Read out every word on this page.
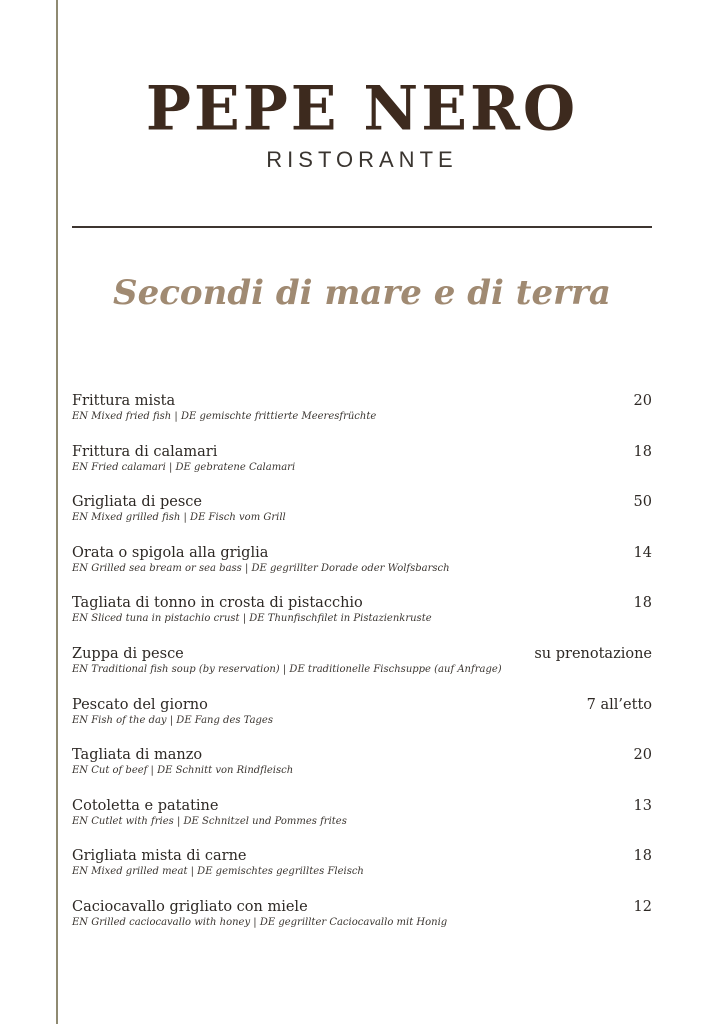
PEPE NERO
RISTORANTE
Secondi di mare e di terra
Frittura mista
EN Mixed fried fish | DE gemischte frittierte Meeresfrüchte
20
Frittura di calamari
EN Fried calamari | DE gebratene Calamari
18
Grigliata di pesce
EN Mixed grilled fish | DE Fisch vom Grill
50
Orata o spigola alla griglia
EN Grilled sea bream or sea bass | DE gegrillter Dorade oder Wolfsbarsch
14
Tagliata di tonno in crosta di pistacchio
EN Sliced tuna in pistachio crust | DE Thunfischfilet in Pistazienkruste
18
Zuppa di pesce
EN Traditional fish soup (by reservation) | DE traditionelle Fischsuppe (auf Anfrage)
su prenotazione
Pescato del giorno
EN Fish of the day | DE Fang des Tages
7 all’etto
Tagliata di manzo
EN Cut of beef | DE Schnitt von Rindfleisch
20
Cotoletta e patatine
EN Cutlet with fries | DE Schnitzel und Pommes frites
13
Grigliata mista di carne
EN Mixed grilled meat | DE gemischtes gegrilltes Fleisch
18
Caciocavallo grigliato con miele
EN Grilled caciocavallo with honey | DE gegrillter Caciocavallo mit Honig
12
